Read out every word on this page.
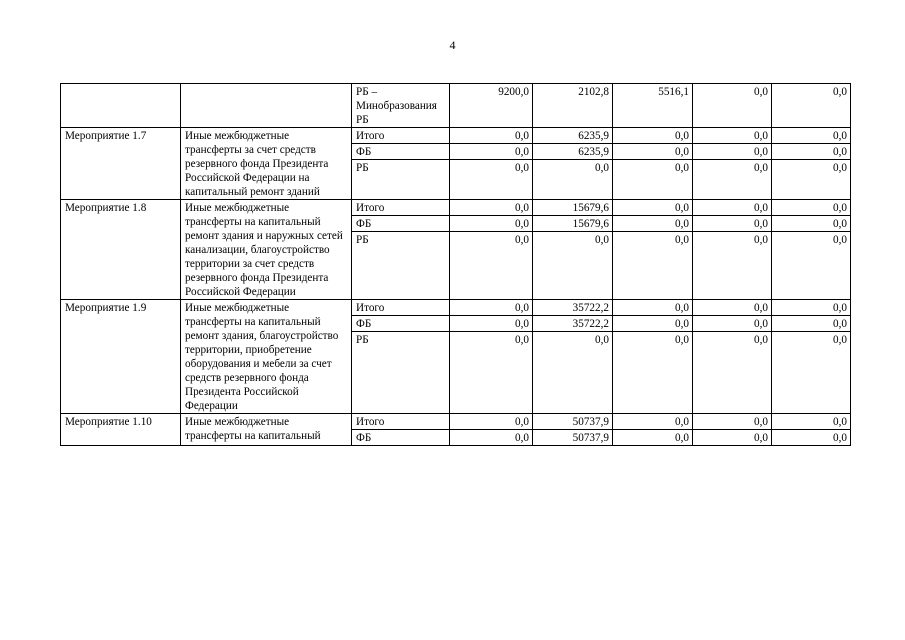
4
		РБ – Минобразования РБ	9200,0	2102,8	5516,1	0,0	0,0
Мероприятие 1.7	Иные межбюджетные трансферты за счет средств резервного фонда Президента Российской Федерации на капитальный ремонт зданий	Итого	0,0	6235,9	0,0	0,0	0,0
		ФБ	0,0	6235,9	0,0	0,0	0,0
		РБ	0,0	0,0	0,0	0,0	0,0
Мероприятие 1.8	Иные межбюджетные трансферты на капитальный ремонт здания и наружных сетей канализации, благоустройство территории за счет средств резервного фонда Президента Российской Федерации	Итого	0,0	15679,6	0,0	0,0	0,0
		ФБ	0,0	15679,6	0,0	0,0	0,0
		РБ	0,0	0,0	0,0	0,0	0,0
Мероприятие 1.9	Иные межбюджетные трансферты на капитальный ремонт здания, благоустройство территории, приобретение оборудования и мебели за счет средств резервного фонда Президента Российской Федерации	Итого	0,0	35722,2	0,0	0,0	0,0
		ФБ	0,0	35722,2	0,0	0,0	0,0
		РБ	0,0	0,0	0,0	0,0	0,0
Мероприятие 1.10	Иные межбюджетные трансферты на капитальный	Итого	0,0	50737,9	0,0	0,0	0,0
		ФБ	0,0	50737,9	0,0	0,0	0,0
